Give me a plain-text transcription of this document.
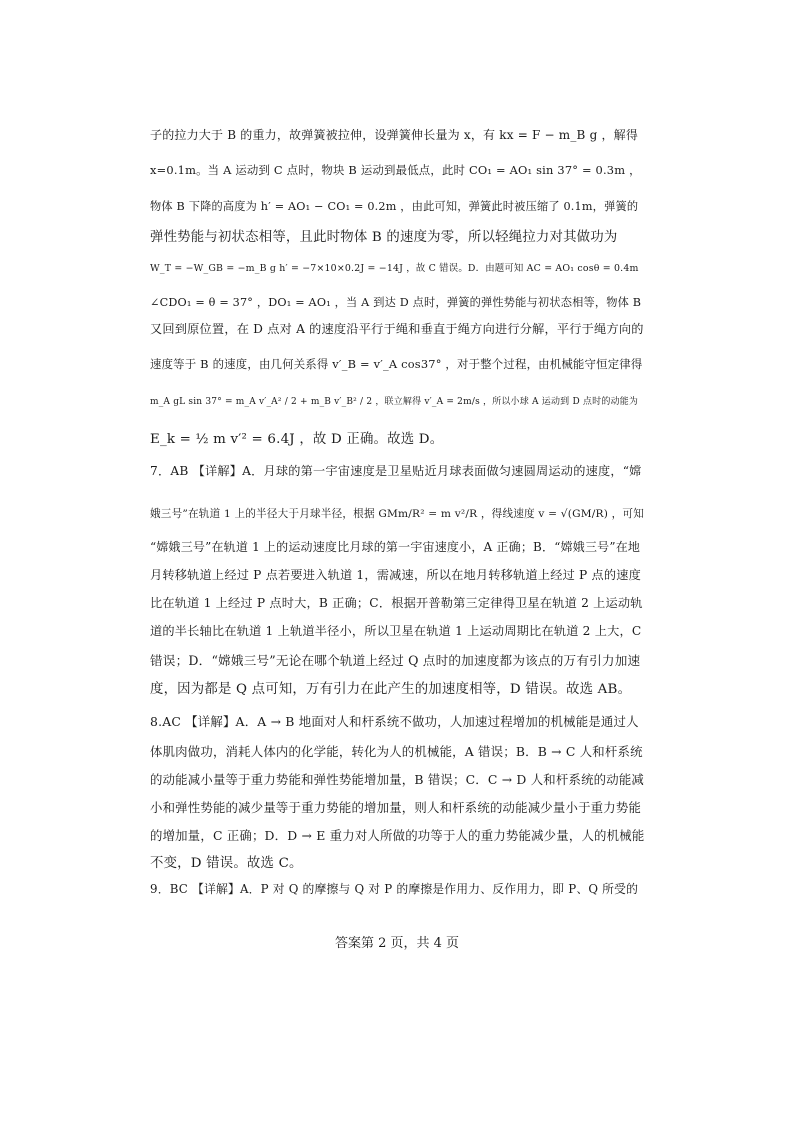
子的拉力大于 B 的重力，故弹簧被拉伸，设弹簧伸长量为 x，有 kx = F − m_B g ，解得
x=0.1m。当 A 运动到 C 点时，物块 B 运动到最低点，此时 CO₁ = AO₁ sin 37° = 0.3m ，
物体 B 下降的高度为 h′ = AO₁ − CO₁ = 0.2m ，由此可知，弹簧此时被压缩了 0.1m，弹簧的
弹性势能与初状态相等，且此时物体 B 的速度为零，所以轻绳拉力对其做功为
W_T = −W_GB = −m_B g h′ = −7×10×0.2J = −14J ，故 C 错误。D．由题可知 AC = AO₁ cosθ = 0.4m
∠CDO₁ = θ = 37° ，DO₁ = AO₁ ，当 A 到达 D 点时，弹簧的弹性势能与初状态相等，物体 B
又回到原位置，在 D 点对 A 的速度沿平行于绳和垂直于绳方向进行分解，平行于绳方向的
速度等于 B 的速度，由几何关系得 v′_B = v′_A cos37° ，对于整个过程，由机械能守恒定律得
m_A gL sin 37° = m_A v′_A² / 2 + m_B v′_B² / 2 ，联立解得 v′_A = 2m/s ，所以小球 A 运动到 D 点时的动能为
E_k = ½ m v′² = 6.4J ，故 D 正确。故选 D。
7．AB 【详解】A．月球的第一宇宙速度是卫星贴近月球表面做匀速圆周运动的速度，“嫦
娥三号”在轨道 1 上的半径大于月球半径，根据 GMm/R² = m v²/R ，得线速度 v = √(GM/R) ，可知
“嫦娥三号”在轨道 1 上的运动速度比月球的第一宇宙速度小，A 正确；B．“嫦娥三号”在地
月转移轨道上经过 P 点若要进入轨道 1，需减速，所以在地月转移轨道上经过 P 点的速度
比在轨道 1 上经过 P 点时大，B 正确；C．根据开普勒第三定律得卫星在轨道 2 上运动轨
道的半长轴比在轨道 1 上轨道半径小，所以卫星在轨道 1 上运动周期比在轨道 2 上大，C
错误；D．“嫦娥三号”无论在哪个轨道上经过 Q 点时的加速度都为该点的万有引力加速
度，因为都是 Q 点可知，万有引力在此产生的加速度相等，D 错误。故选 AB。
8.AC 【详解】A．A → B 地面对人和杆系统不做功，人加速过程增加的机械能是通过人
体肌肉做功，消耗人体内的化学能，转化为人的机械能，A 错误；B．B → C 人和杆系统
的动能减小量等于重力势能和弹性势能增加量，B 错误；C．C → D 人和杆系统的动能减
小和弹性势能的减少量等于重力势能的增加量，则人和杆系统的动能减少量小于重力势能
的增加量，C 正确；D．D → E 重力对人所做的功等于人的重力势能减少量，人的机械能
不变，D 错误。故选 C。
9．BC 【详解】A．P 对 Q 的摩擦与 Q 对 P 的摩擦是作用力、反作用力，即 P、Q 所受的
答案第 2 页，共 4 页
